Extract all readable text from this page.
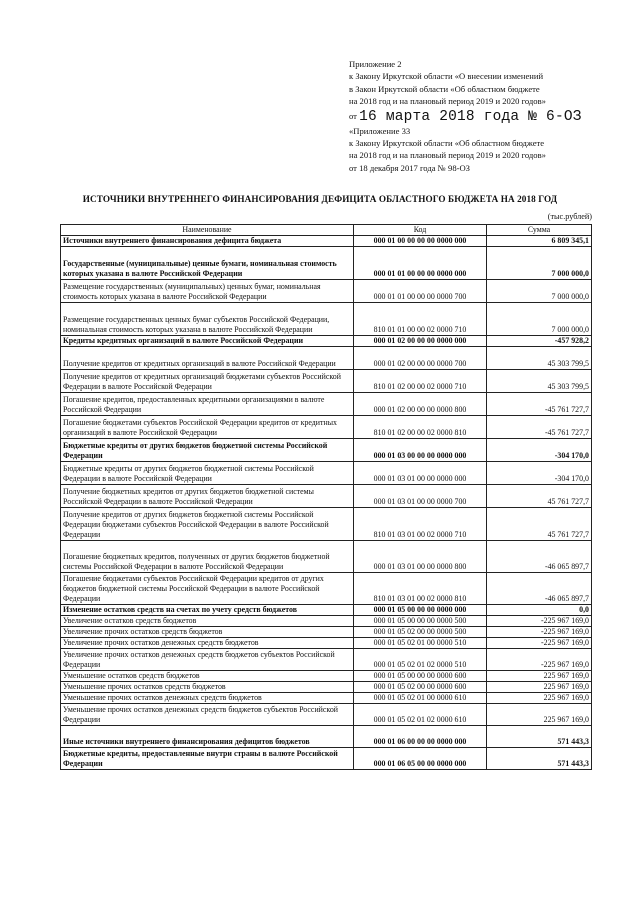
Приложение 2
к Закону Иркутской области «О внесении изменений
в Закон Иркутской области «Об областном бюджете
на 2018 год и на плановый период 2019 и 2020 годов»
от 16 марта 2018 года № 6-ОЗ
«Приложение 33
к Закону Иркутской области «Об областном бюджете
на 2018 год и на плановый период 2019 и 2020 годов»
от 18 декабря 2017 года № 98-ОЗ
ИСТОЧНИКИ ВНУТРЕННЕГО ФИНАНСИРОВАНИЯ ДЕФИЦИТА ОБЛАСТНОГО БЮДЖЕТА НА 2018 ГОД
(тыс.рублей)
Наименование	Код	Сумма
Источники внутреннего финансирования дефицита бюджета	000 01 00 00 00 00 0000 000	6 809 345,1
Государственные (муниципальные) ценные бумаги, номинальная стоимость которых указана в валюте Российской Федерации	000 01 01 00 00 00 0000 000	7 000 000,0
Размещение государственных (муниципальных) ценных бумаг, номинальная стоимость которых указана в валюте Российской Федерации	000 01 01 00 00 00 0000 700	7 000 000,0
Размещение государственных ценных бумаг субъектов Российской Федерации, номинальная стоимость которых указана в валюте Российской Федерации	810 01 01 00 00 02 0000 710	7 000 000,0
Кредиты кредитных организаций в валюте Российской Федерации	000 01 02 00 00 00 0000 000	-457 928,2
Получение кредитов от кредитных организаций в валюте Российской Федерации	000 01 02 00 00 00 0000 700	45 303 799,5
Получение кредитов от кредитных организаций бюджетами субъектов Российской Федерации в валюте Российской Федерации	810 01 02 00 00 02 0000 710	45 303 799,5
Погашение кредитов, предоставленных кредитными организациями в валюте Российской Федерации	000 01 02 00 00 00 0000 800	-45 761 727,7
Погашение бюджетами субъектов Российской Федерации кредитов от кредитных организаций в валюте Российской Федерации	810 01 02 00 00 02 0000 810	-45 761 727,7
Бюджетные кредиты от других бюджетов бюджетной системы Российской Федерации	000 01 03 00 00 00 0000 000	-304 170,0
Бюджетные кредиты от других бюджетов бюджетной системы Российской Федерации в валюте Российской Федерации	000 01 03 01 00 00 0000 000	-304 170,0
Получение бюджетных кредитов от других бюджетов бюджетной системы Российской Федерации в валюте Российской Федерации	000 01 03 01 00 00 0000 700	45 761 727,7
Получение кредитов от других бюджетов бюджетной системы Российской Федерации бюджетами субъектов Российской Федерации в валюте Российской Федерации	810 01 03 01 00 02 0000 710	45 761 727,7
Погашение бюджетных кредитов, полученных от других бюджетов бюджетной системы Российской Федерации в валюте Российской Федерации	000 01 03 01 00 00 0000 800	-46 065 897,7
Погашение бюджетами субъектов Российской Федерации кредитов от других бюджетов бюджетной системы Российской Федерации в валюте Российской Федерации	810 01 03 01 00 02 0000 810	-46 065 897,7
Изменение остатков средств на счетах по учету средств бюджетов	000 01 05 00 00 00 0000 000	0,0
Увеличение остатков средств бюджетов	000 01 05 00 00 00 0000 500	-225 967 169,0
Увеличение прочих остатков средств бюджетов	000 01 05 02 00 00 0000 500	-225 967 169,0
Увеличение прочих остатков денежных средств бюджетов	000 01 05 02 01 00 0000 510	-225 967 169,0
Увеличение прочих остатков денежных средств бюджетов субъектов Российской Федерации	000 01 05 02 01 02 0000 510	-225 967 169,0
Уменьшение остатков средств бюджетов	000 01 05 00 00 00 0000 600	225 967 169,0
Уменьшение прочих остатков средств бюджетов	000 01 05 02 00 00 0000 600	225 967 169,0
Уменьшение прочих остатков денежных средств бюджетов	000 01 05 02 01 00 0000 610	225 967 169,0
Уменьшение прочих остатков денежных средств бюджетов субъектов Российской Федерации	000 01 05 02 01 02 0000 610	225 967 169,0
Иные источники внутреннего финансирования дефицитов бюджетов	000 01 06 00 00 00 0000 000	571 443,3
Бюджетные кредиты, предоставленные внутри страны в валюте Российской Федерации	000 01 06 05 00 00 0000 000	571 443,3
